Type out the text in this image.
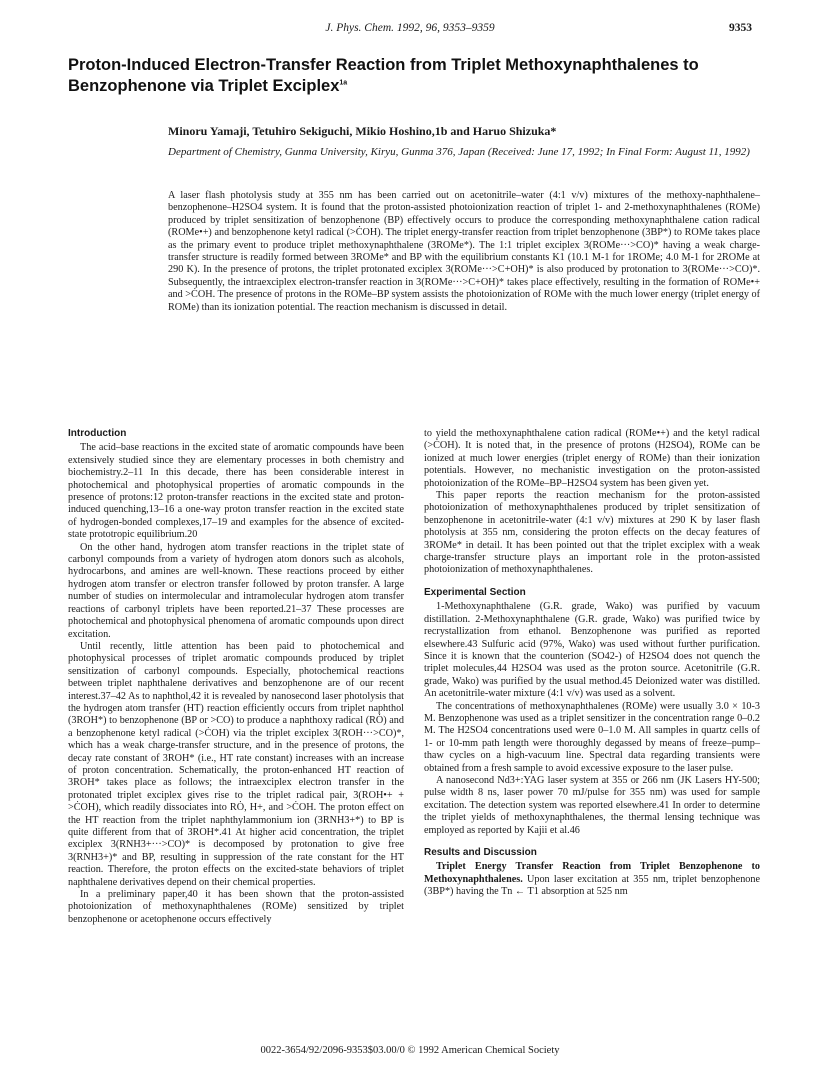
J. Phys. Chem. 1992, 96, 9353–9359	9353
Proton-Induced Electron-Transfer Reaction from Triplet Methoxynaphthalenes to Benzophenone via Triplet Exciplex$^{1a}$
Minoru Yamaji, Tetuhiro Sekiguchi, Mikio Hoshino,1b and Haruo Shizuka*
Department of Chemistry, Gunma University, Kiryu, Gunma 376, Japan (Received: June 17, 1992; In Final Form: August 11, 1992)

A laser flash photolysis study at 355 nm has been carried out on acetonitrile–water (4:1 v/v) mixtures of the methoxy-naphthalene–benzophenone–H2SO4 system. It is found that the proton-assisted photoionization reaction of triplet 1- and 2-methoxynaphthalenes (ROMe) produced by triplet sensitization of benzophenone (BP) effectively occurs to produce the corresponding methoxynaphthalene cation radical (ROMe•+) and benzophenone ketyl radical (>ĊOH). The triplet energy-transfer reaction from triplet benzophenone (3BP*) to ROMe takes place as the primary event to produce triplet methoxynaphthalene (3ROMe*). The 1:1 triplet exciplex 3(ROMe···>CO)* having a weak charge-transfer structure is readily formed between 3ROMe* and BP with the equilibrium constants K1 (10.1 M-1 for 1ROMe; 4.0 M-1 for 2ROMe at 290 K). In the presence of protons, the triplet protonated exciplex 3(ROMe···>C+OH)* is also produced by protonation to 3(ROMe···>CO)*. Subsequently, the intraexciplex electron-transfer reaction in 3(ROMe···>C+OH)* takes place effectively, resulting in the formation of ROMe•+ and >ĊOH. The presence of protons in the ROMe–BP system assists the photoionization of ROMe with the much lower energy (triplet energy of ROMe) than its ionization potential. The reaction mechanism is discussed in detail.

Introduction

The acid–base reactions in the excited state of aromatic compounds have been extensively studied since they are elementary processes in both chemistry and biochemistry.2–11 In this decade, there has been considerable interest in photochemical and photophysical properties of aromatic compounds in the presence of protons:12 proton-transfer reactions in the excited state and proton-induced quenching,13–16 a one-way proton transfer reaction in the excited state of hydrogen-bonded complexes,17–19 and examples for the absence of excited-state prototropic equilibrium.20

On the other hand, hydrogen atom transfer reactions in the triplet state of carbonyl compounds from a variety of hydrogen atom donors such as alcohols, hydrocarbons, and amines are well-known. These reactions proceed by either hydrogen atom transfer or electron transfer followed by proton transfer. A large number of studies on intermolecular and intramolecular hydrogen atom transfer reactions of carbonyl triplets have been reported.21–37 These processes are photochemical and photophysical phenomena of aromatic compounds upon direct excitation.

Until recently, little attention has been paid to photochemical and photophysical processes of triplet aromatic compounds produced by triplet sensitization of carbonyl compounds. Especially, photochemical reactions between triplet naphthalene derivatives and benzophenone are of our recent interest.37–42 As to naphthol,42 it is revealed by nanosecond laser photolysis that the hydrogen atom transfer (HT) reaction efficiently occurs from triplet naphthol (3ROH*) to benzophenone (BP or >CO) to produce a naphthoxy radical (RȮ) and a benzophenone ketyl radical (>ĊOH) via the triplet exciplex 3(ROH···>CO)*, which has a weak charge-transfer structure, and in the presence of protons, the decay rate constant of 3ROH* (i.e., HT rate constant) increases with an increase of proton concentration. Schematically, the proton-enhanced HT reaction of 3ROH* takes place as follows; the intraexciplex electron transfer in the protonated triplet exciplex gives rise to the triplet radical pair, 3(ROH•+ + >ĊOH), which readily dissociates into RȮ, H+, and >ĊOH. The proton effect on the HT reaction from the triplet naphthylammonium ion (3RNH3+*) to BP is quite different from that of 3ROH*.41 At higher acid concentration, the triplet exciplex 3(RNH3+···>CO)* is decomposed by protonation to give free 3(RNH3+)* and BP, resulting in suppression of the rate constant for the HT reaction. Therefore, the proton effects on the excited-state behaviors of triplet naphthalene derivatives depend on their chemical properties.

In a preliminary paper,40 it has been shown that the proton-assisted photoionization of methoxynaphthalenes (ROMe) sensitized by triplet benzophenone or acetophenone occurs effectively

to yield the methoxynaphthalene cation radical (ROMe•+) and the ketyl radical (>ĊOH). It is noted that, in the presence of protons (H2SO4), ROMe can be ionized at much lower energies (triplet energy of ROMe) than their ionization potentials. However, no mechanistic investigation on the proton-assisted photoionization of the ROMe–BP–H2SO4 system has been given yet.

This paper reports the reaction mechanism for the proton-assisted photoionization of methoxynaphthalenes produced by triplet sensitization of benzophenone in acetonitrile-water (4:1 v/v) mixtures at 290 K by laser flash photolysis at 355 nm, considering the proton effects on the decay features of 3ROMe* in detail. It has been pointed out that the triplet exciplex with a weak charge-transfer structure plays an important role in the proton-assisted photoionization of methoxynaphthalenes.

Experimental Section

1-Methoxynaphthalene (G.R. grade, Wako) was purified by vacuum distillation. 2-Methoxynaphthalene (G.R. grade, Wako) was purified twice by recrystallization from ethanol. Benzophenone was purified as reported elsewhere.43 Sulfuric acid (97%, Wako) was used without further purification. Since it is known that the counterion (SO42-) of H2SO4 does not quench the triplet molecules,44 H2SO4 was used as the proton source. Acetonitrile (G.R. grade, Wako) was purified by the usual method.45 Deionized water was distilled. An acetonitrile-water mixture (4:1 v/v) was used as a solvent.

The concentrations of methoxynaphthalenes (ROMe) were usually 3.0 × 10-3 M. Benzophenone was used as a triplet sensitizer in the concentration range 0–0.2 M. The H2SO4 concentrations used were 0–1.0 M. All samples in quartz cells of 1- or 10-mm path length were thoroughly degassed by means of freeze–pump–thaw cycles on a high-vacuum line. Spectral data regarding transients were obtained from a fresh sample to avoid excessive exposure to the laser pulse.

A nanosecond Nd3+:YAG laser system at 355 or 266 nm (JK Lasers HY-500; pulse width 8 ns, laser power 70 mJ/pulse for 355 nm) was used for sample excitation. The detection system was reported elsewhere.41 In order to determine the triplet yields of methoxynaphthalenes, the thermal lensing technique was employed as reported by Kajii et al.46

Results and Discussion

Triplet Energy Transfer Reaction from Triplet Benzophenone to Methoxynaphthalenes. Upon laser excitation at 355 nm, triplet benzophenone (3BP*) having the Tn ← T1 absorption at 525 nm

0022-3654/92/2096-9353$03.00/0 © 1992 American Chemical Society
